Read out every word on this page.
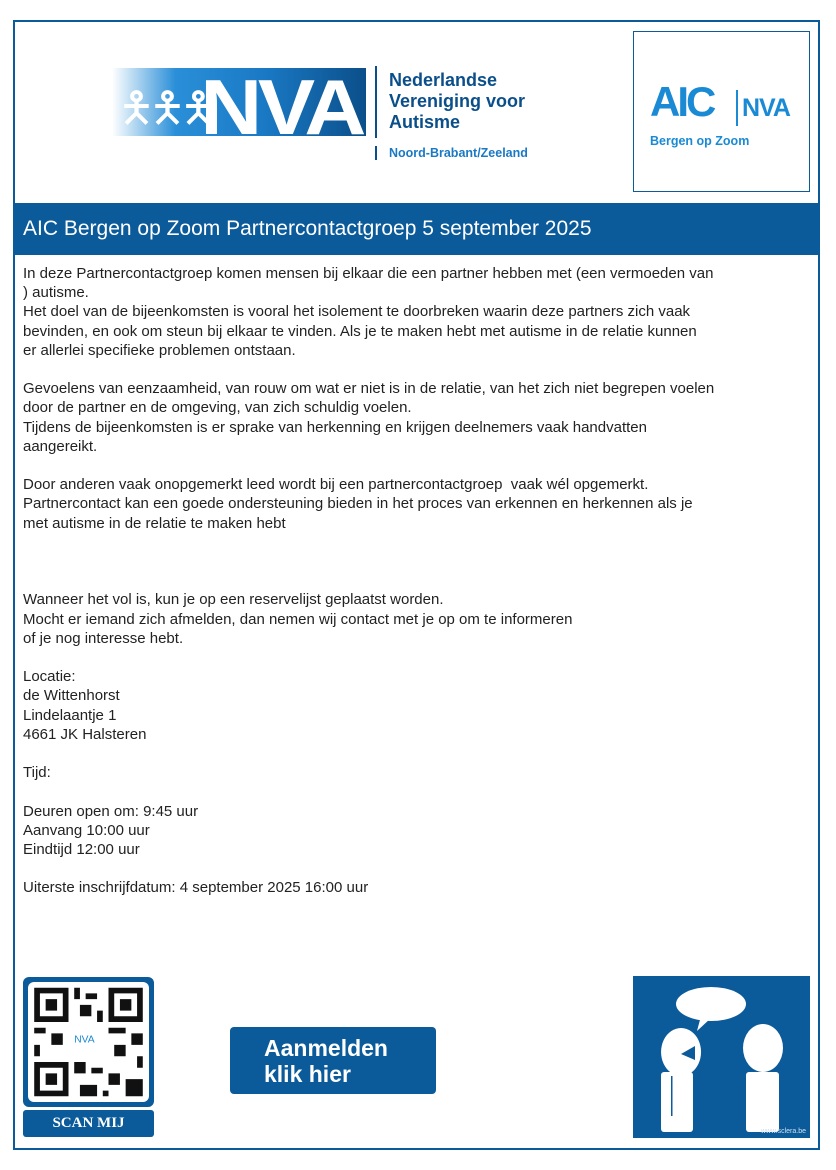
🯅🯅🯅
NVA Nederlandse
Vereniging voor
Autisme
Noord-Brabant/Zeeland
AIC NVA
Bergen op Zoom
AIC Bergen op Zoom Partnercontactgroep 5 september 2025
In deze Partnercontactgroep komen mensen bij elkaar die een partner hebben met (een vermoeden van
) autisme.
Het doel van de bijeenkomsten is vooral het isolement te doorbreken waarin deze partners zich vaak
bevinden, en ook om steun bij elkaar te vinden. Als je te maken hebt met autisme in de relatie kunnen
er allerlei specifieke problemen ontstaan.
Gevoelens van eenzaamheid, van rouw om wat er niet is in de relatie, van het zich niet begrepen voelen
door de partner en de omgeving, van zich schuldig voelen.
Tijdens de bijeenkomsten is er sprake van herkenning en krijgen deelnemers vaak handvatten
aangereikt.
Door anderen vaak onopgemerkt leed wordt bij een partnercontactgroep  vaak wél opgemerkt.
Partnercontact kan een goede ondersteuning bieden in het proces van erkennen en herkennen als je
met autisme in de relatie te maken hebt
Wanneer het vol is, kun je op een reservelijst geplaatst worden.
Mocht er iemand zich afmelden, dan nemen wij contact met je op om te informeren
of je nog interesse hebt.
Locatie:
de Wittenhorst
Lindelaantje 1
4661 JK Halsteren
Tijd:
Deuren open om: 9:45 uur
Aanvang 10:00 uur
Eindtijd 12:00 uur
Uiterste inschrijfdatum: 4 september 2025 16:00 uur
NVA
SCAN MIJ
Aanmelden
klik hier
www.sclera.be
